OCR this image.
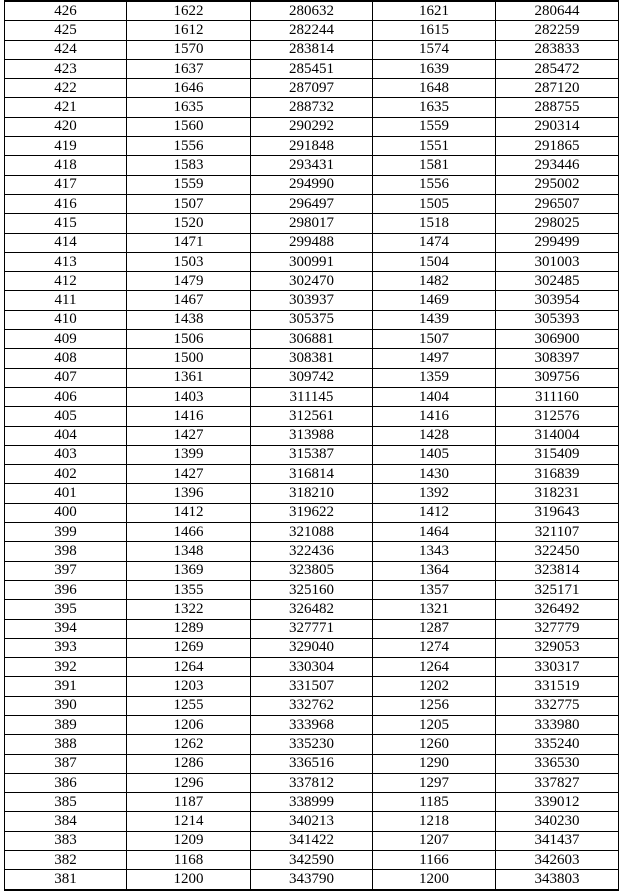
426	1622	280632	1621	280644
425	1612	282244	1615	282259
424	1570	283814	1574	283833
423	1637	285451	1639	285472
422	1646	287097	1648	287120
421	1635	288732	1635	288755
420	1560	290292	1559	290314
419	1556	291848	1551	291865
418	1583	293431	1581	293446
417	1559	294990	1556	295002
416	1507	296497	1505	296507
415	1520	298017	1518	298025
414	1471	299488	1474	299499
413	1503	300991	1504	301003
412	1479	302470	1482	302485
411	1467	303937	1469	303954
410	1438	305375	1439	305393
409	1506	306881	1507	306900
408	1500	308381	1497	308397
407	1361	309742	1359	309756
406	1403	311145	1404	311160
405	1416	312561	1416	312576
404	1427	313988	1428	314004
403	1399	315387	1405	315409
402	1427	316814	1430	316839
401	1396	318210	1392	318231
400	1412	319622	1412	319643
399	1466	321088	1464	321107
398	1348	322436	1343	322450
397	1369	323805	1364	323814
396	1355	325160	1357	325171
395	1322	326482	1321	326492
394	1289	327771	1287	327779
393	1269	329040	1274	329053
392	1264	330304	1264	330317
391	1203	331507	1202	331519
390	1255	332762	1256	332775
389	1206	333968	1205	333980
388	1262	335230	1260	335240
387	1286	336516	1290	336530
386	1296	337812	1297	337827
385	1187	338999	1185	339012
384	1214	340213	1218	340230
383	1209	341422	1207	341437
382	1168	342590	1166	342603
381	1200	343790	1200	343803
